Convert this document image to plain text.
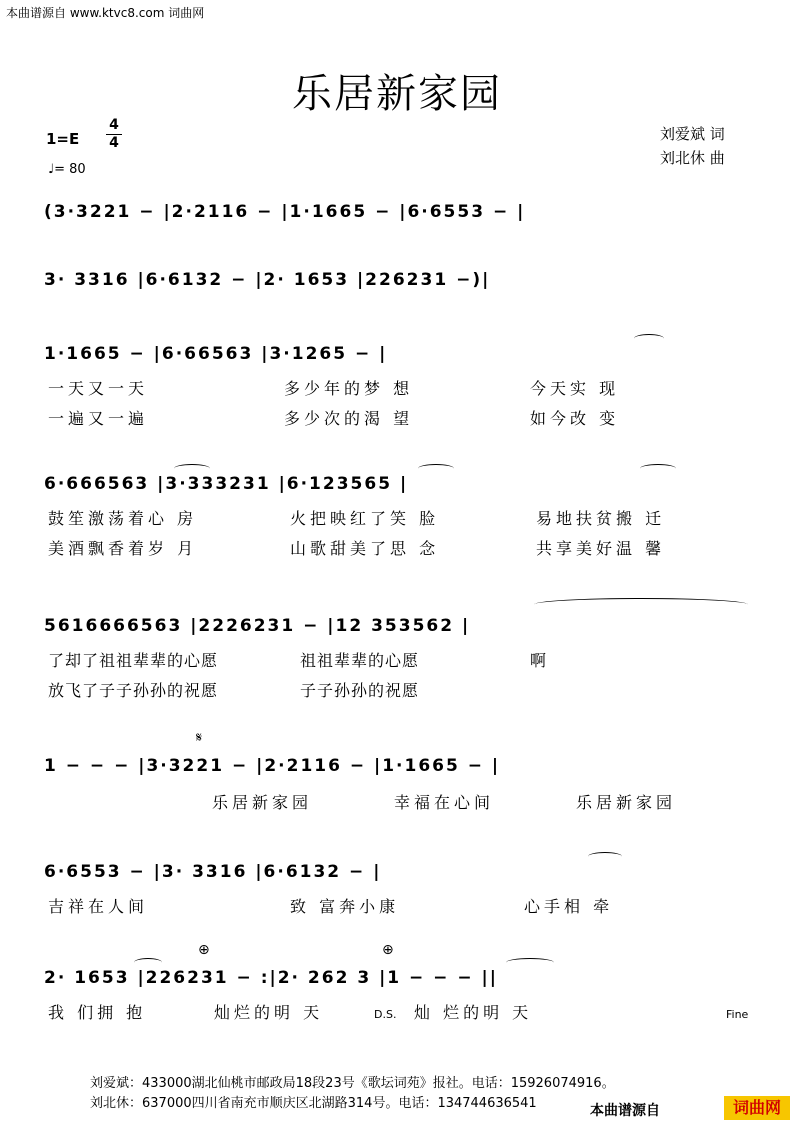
本曲谱源自 www.ktvc8.com 词曲网
乐居新家园
1=E
4
4
♩= 80
刘爱斌 词
刘北休 曲
(3·3221 − |2·2116 − |1·1665 − |6·6553 − |
3· 3316 |6·6132 − |2· 1653 |226231 −)|
1·1665 − |6·66563 |3·1265 − |
一天又一天	多少年的梦 想	今天实 现
一遍又一遍	多少次的渴 望	如今改 变
6·666563 |3·333231 |6·123565 |
鼓笙激荡着心 房	火把映红了笑 脸	易地扶贫搬 迁
美酒飘香着岁 月	山歌甜美了思 念	共享美好温 馨
5616666563 |2226231 − |12 353562 |
了却了祖祖辈辈的心愿	祖祖辈辈的心愿	啊
放飞了子子孙孙的祝愿	子子孙孙的祝愿
𝄋
1 − − − |3·3221 − |2·2116 − |1·1665 − |
乐居新家园	幸福在心间	乐居新家园
6·6553 − |3· 3316 |6·6132 − |
吉祥在人间	致 富奔小康	心手相 牵
⊕	⊕
2· 1653 |226231 − :|2· 262 3 |1 − − − ||
我 们拥 抱	灿烂的明 天	D.S. 灿 烂的明 天	Fine
刘爱斌：433000湖北仙桃市邮政局18段23号《歌坛词苑》报社。电话：15926074916。
刘北休：637000四川省南充市顺庆区北湖路314号。电话：134744636541	本曲谱源自	词曲网
